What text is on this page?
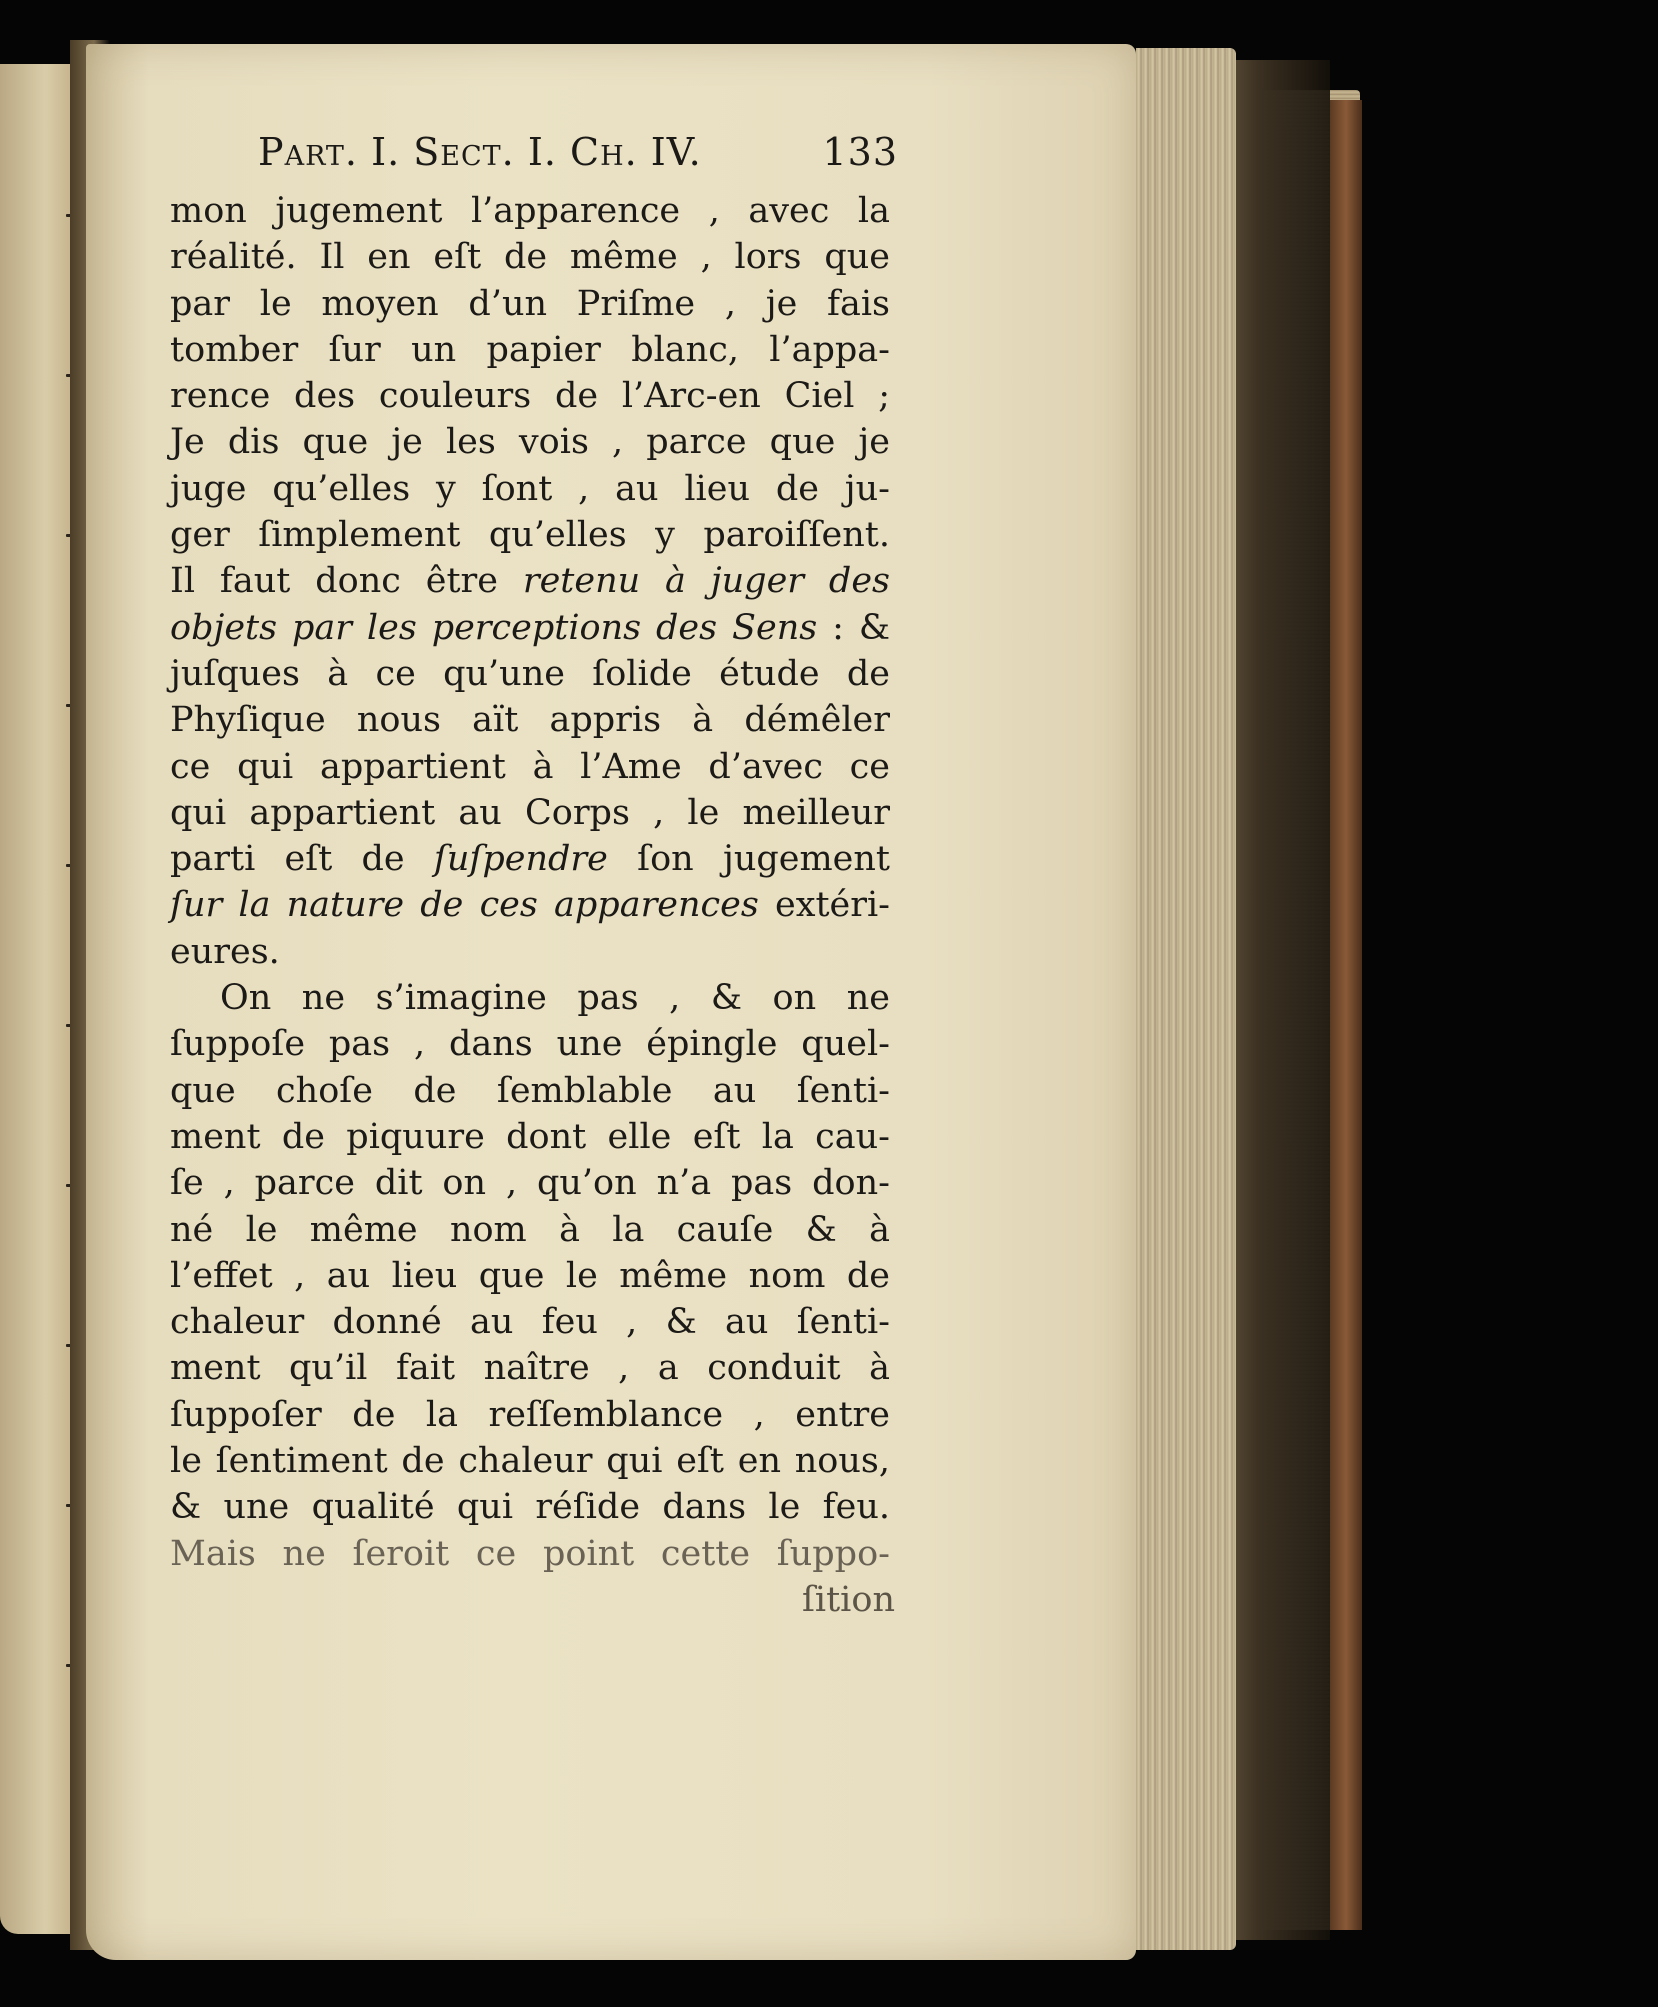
Part. I. Sect. I. Ch. IV.	133
mon jugement l’apparence , avec la
réalité. Il en eſt de même , lors que
par le moyen d’un Priſme , je fais
tomber ſur un papier blanc, l’appa-
rence des couleurs de l’Arc-en Ciel ;
Je dis que je les vois , parce que je
juge qu’elles y ſont , au lieu de ju-
ger ſimplement qu’elles y paroiſſent.
Il faut donc être retenu à juger des
objets par les perceptions des Sens : &
juſques à ce qu’une ſolide étude de
Phyſique nous aït appris à démêler
ce qui appartient à l’Ame d’avec ce
qui appartient au Corps , le meilleur
parti eſt de ſuſpendre ſon jugement
ſur la nature de ces apparences extéri-
eures.
On ne s’imagine pas , & on ne
ſuppoſe pas , dans une épingle quel-
que choſe de ſemblable au ſenti-
ment de piquure dont elle eſt la cau-
ſe , parce dit on , qu’on n’a pas don-
né le même nom à la cauſe & à
l’effet , au lieu que le même nom de
chaleur donné au feu , & au ſenti-
ment qu’il fait naître , a conduit à
ſuppoſer de la reſſemblance , entre
le ſentiment de chaleur qui eſt en nous,
& une qualité qui réſide dans le feu.
Mais ne ſeroit ce point cette ſuppo-
ſition
